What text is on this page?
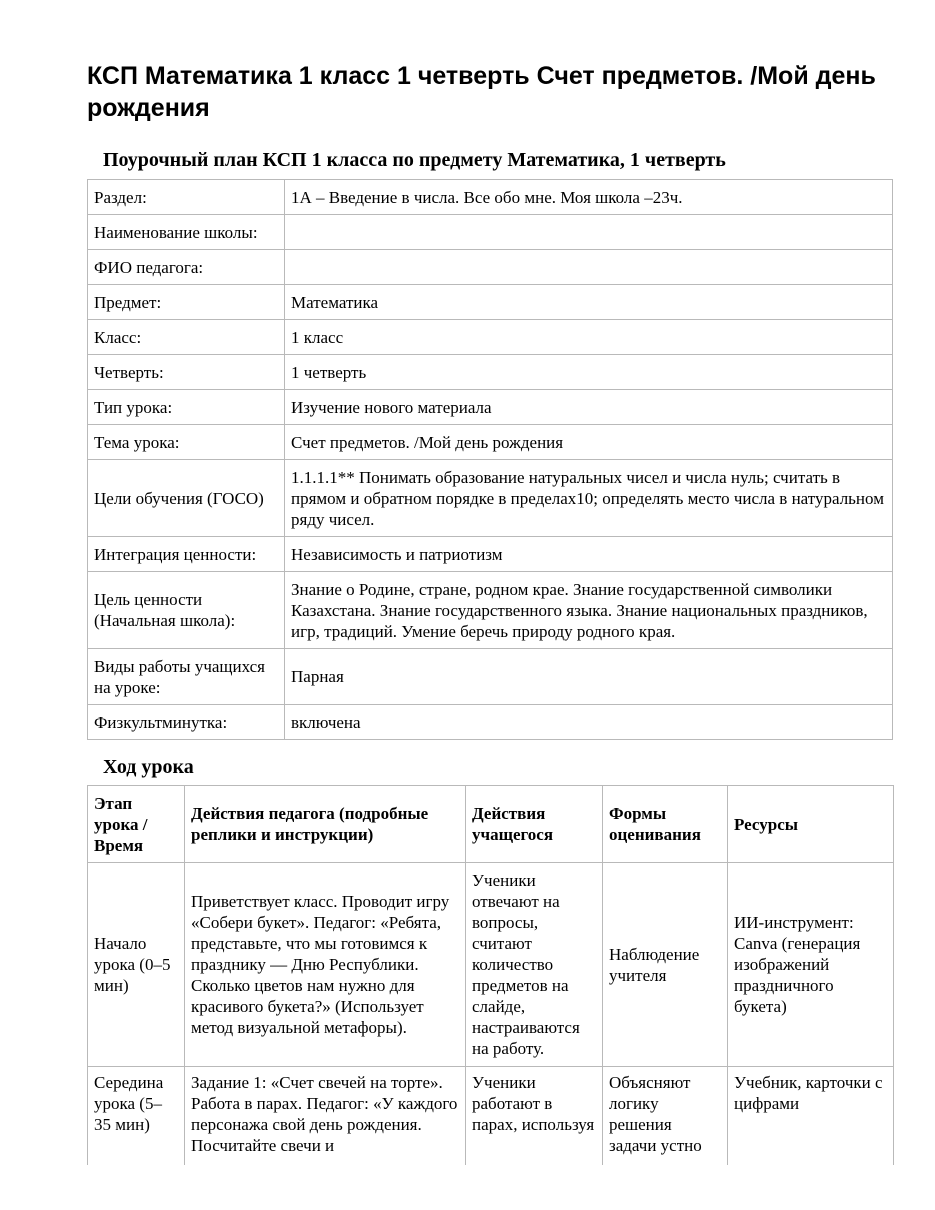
КСП Математика 1 класс 1 четверть Счет предметов. /Мой день рождения
Поурочный план КСП 1 класса по предмету Математика, 1 четверть
Раздел:	1А – Введение в числа. Все обо мне. Моя школа –23ч.
Наименование школы:	
ФИО педагога:	
Предмет:	Математика
Класс:	1 класс
Четверть:	1 четверть
Тип урока:	Изучение нового материала
Тема урока:	Счет предметов. /Мой день рождения
Цели обучения (ГОСО)	1.1.1.1** Понимать образование натуральных чисел и числа нуль; считать в прямом и обратном порядке в пределах10; определять место числа в натуральном ряду чисел.
Интеграция ценности:	Независимость и патриотизм
Цель ценности (Начальная школа):	Знание о Родине, стране, родном крае. Знание государственной символики Казахстана. Знание государственного языка. Знание национальных праздников, игр, традиций. Умение беречь природу родного края.
Виды работы учащихся на уроке:	Парная
Физкультминутка:	включена
Ход урока
Этап урока / Время	Действия педагога (подробные реплики и инструкции)	Действия учащегося	Формы оценивания	Ресурсы
Начало урока (0–5 мин)	Приветствует класс. Проводит игру «Собери букет». Педагог: «Ребята, представьте, что мы готовимся к празднику — Дню Республики. Сколько цветов нам нужно для красивого букета?» (Использует метод визуальной метафоры).	Ученики отвечают на вопросы, считают количество предметов на слайде, настраиваются на работу.	Наблюдение учителя	ИИ-инструмент: Canva (генерация изображений праздничного букета)
Середина урока (5–35 мин)	Задание 1: «Счет свечей на торте». Работа в парах. Педагог: «У каждого персонажа свой день рождения. Посчитайте свечи и	Ученики работают в парах, используя	Объясняют логику решения задачи устно	Учебник, карточки с цифрами
